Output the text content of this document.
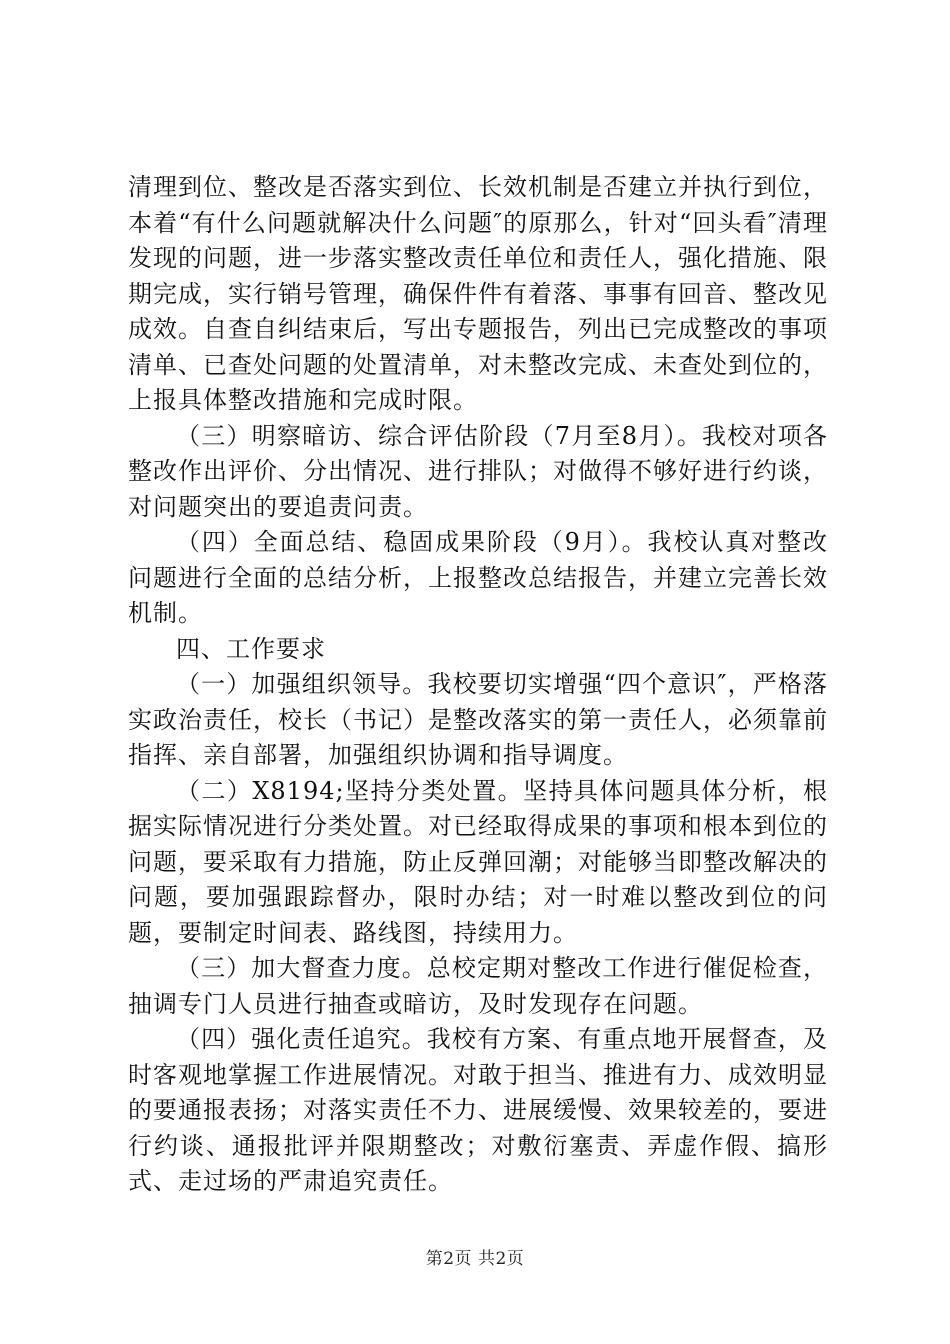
清理到位、整改是否落实到位、长效机制是否建立并执行到位，本着“有什么问题就解决什么问题″的原那么，针对“回头看″清理发现的问题，进一步落实整改责任单位和责任人，强化措施、限期完成，实行销号管理，确保件件有着落、事事有回音、整改见成效。自查自纠结束后，写出专题报告，列出已完成整改的事项清单、已查处问题的处置清单，对未整改完成、未查处到位的，上报具体整改措施和完成时限。

（三）明察暗访、综合评估阶段（7月至8月）。我校对项各整改作出评价、分出情况、进行排队；对做得不够好进行约谈，对问题突出的要追责问责。

（四）全面总结、稳固成果阶段（9月）。我校认真对整改问题进行全面的总结分析，上报整改总结报告，并建立完善长效机制。

四、工作要求

（一）加强组织领导。我校要切实增强“四个意识″，严格落实政治责任，校长（书记）是整改落实的第一责任人，必须靠前指挥、亲自部署，加强组织协调和指导调度。

（二）X8194;坚持分类处置。坚持具体问题具体分析，根据实际情况进行分类处置。对已经取得成果的事项和根本到位的问题，要采取有力措施，防止反弹回潮；对能够当即整改解决的问题，要加强跟踪督办，限时办结；对一时难以整改到位的问题，要制定时间表、路线图，持续用力。

（三）加大督查力度。总校定期对整改工作进行催促检查，抽调专门人员进行抽查或暗访，及时发现存在问题。

（四）强化责任追究。我校有方案、有重点地开展督查，及时客观地掌握工作进展情况。对敢于担当、推进有力、成效明显的要通报表扬；对落实责任不力、进展缓慢、效果较差的，要进行约谈、通报批评并限期整改；对敷衍塞责、弄虚作假、搞形式、走过场的严肃追究责任。

第2页 共2页
